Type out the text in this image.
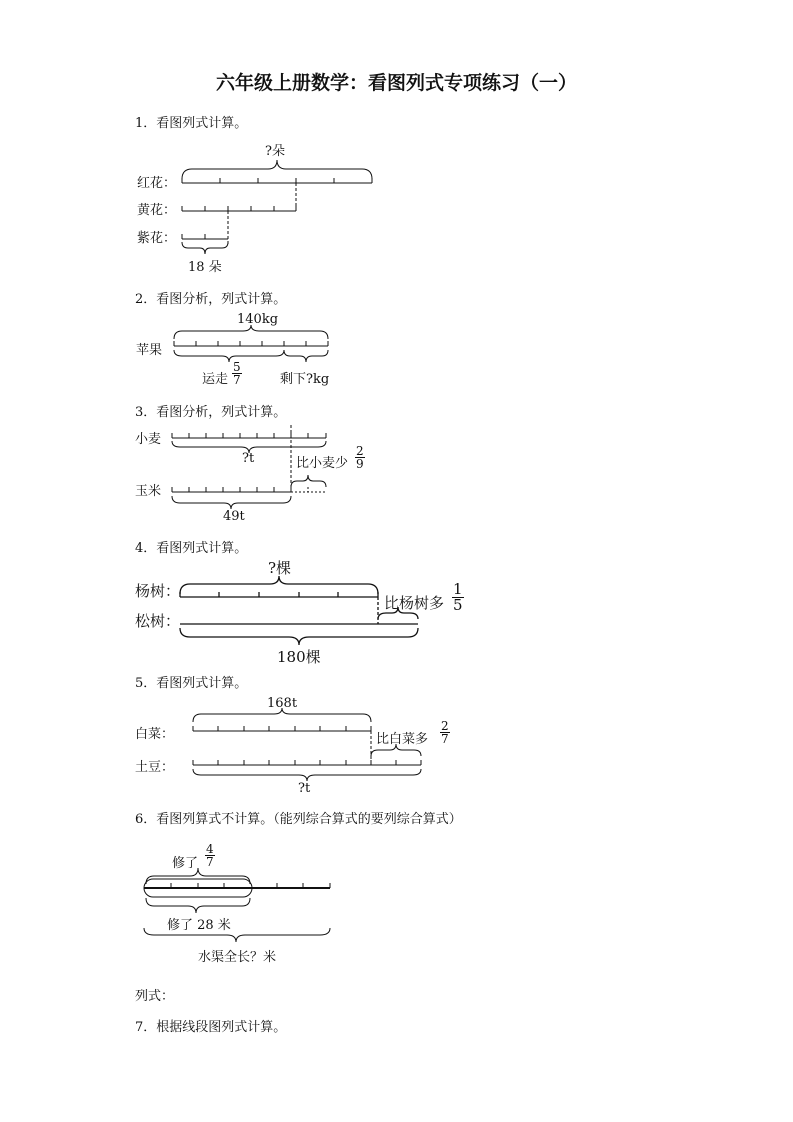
六年级上册数学：看图列式专项练习（一）
1．看图列式计算。
?朵
红花：
黄花：
紫花：
18 朵
2．看图分析，列式计算。
140kg
苹果
运走 $\frac{5}{7}$	剩下?kg
3．看图分析，列式计算。
小麦
?t	比小麦少 $\frac{2}{9}$
玉米
49t
4．看图列式计算。
?棵
杨树：
松树：
比杨树多 $\frac{1}{5}$
180棵
5．看图列式计算。
168t
白菜：	比白菜多 $\frac{2}{7}$
土豆：
?t
6．看图列算式不计算。（能列综合算式的要列综合算式）
修了 $\frac{4}{7}$
修了 28 米
水渠全长？米
列式：
7．根据线段图列式计算。
